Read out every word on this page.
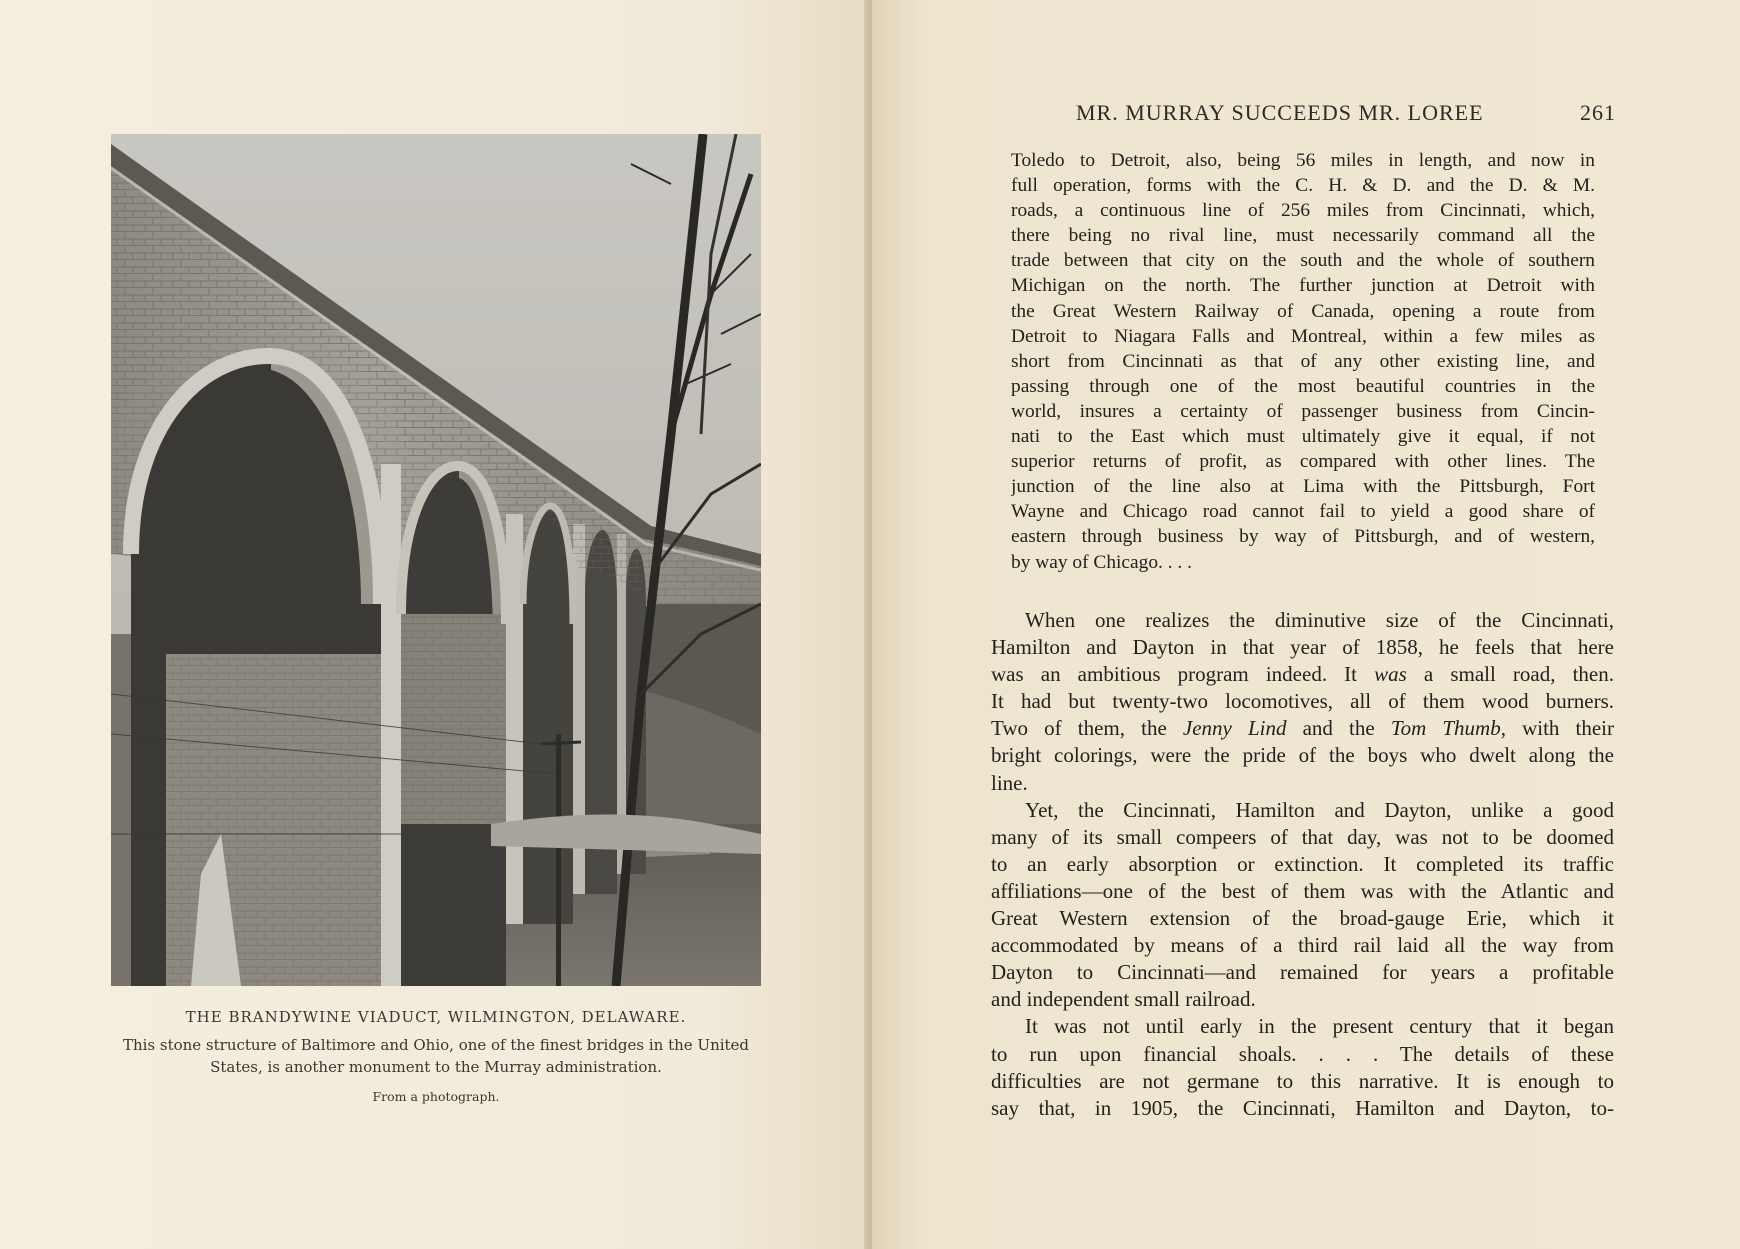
THE BRANDYWINE VIADUCT, WILMINGTON, DELAWARE.
This stone structure of Baltimore and Ohio, one of the finest bridges in the United
States, is another monument to the Murray administration.
From a photograph.
MR. MURRAY SUCCEEDS MR. LOREE	261
Toledo to Detroit, also, being 56 miles in length, and now in
full operation, forms with the C. H. & D. and the D. & M.
roads, a continuous line of 256 miles from Cincinnati, which,
there being no rival line, must necessarily command all the
trade between that city on the south and the whole of southern
Michigan on the north. The further junction at Detroit with
the Great Western Railway of Canada, opening a route from
Detroit to Niagara Falls and Montreal, within a few miles as
short from Cincinnati as that of any other existing line, and
passing through one of the most beautiful countries in the
world, insures a certainty of passenger business from Cincin-
nati to the East which must ultimately give it equal, if not
superior returns of profit, as compared with other lines. The
junction of the line also at Lima with the Pittsburgh, Fort
Wayne and Chicago road cannot fail to yield a good share of
eastern through business by way of Pittsburgh, and of western,
by way of Chicago. . . .
When one realizes the diminutive size of the Cincinnati,
Hamilton and Dayton in that year of 1858, he feels that here
was an ambitious program indeed. It was a small road, then.
It had but twenty-two locomotives, all of them wood burners.
Two of them, the Jenny Lind and the Tom Thumb, with their
bright colorings, were the pride of the boys who dwelt along the
line.
Yet, the Cincinnati, Hamilton and Dayton, unlike a good
many of its small compeers of that day, was not to be doomed
to an early absorption or extinction. It completed its traffic
affiliations—one of the best of them was with the Atlantic and
Great Western extension of the broad-gauge Erie, which it
accommodated by means of a third rail laid all the way from
Dayton to Cincinnati—and remained for years a profitable
and independent small railroad.
It was not until early in the present century that it began
to run upon financial shoals. . . . The details of these
difficulties are not germane to this narrative. It is enough to
say that, in 1905, the Cincinnati, Hamilton and Dayton, to-
